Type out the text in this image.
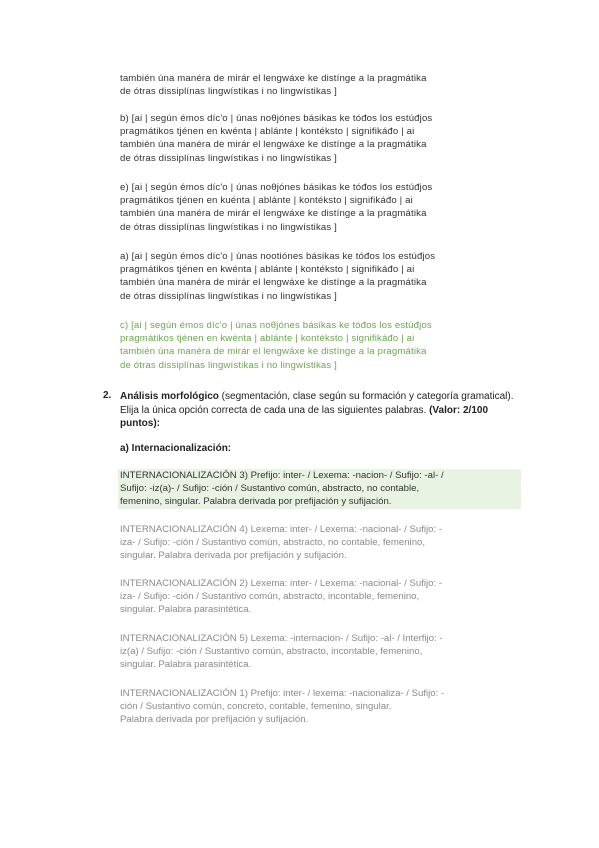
también úna manéra de mirár el lengwáxe ke distínge a la pragmátika
de ótras dissiplínas lingwístikas i no lingwístikas ]
b) [ai | según émos díc'o | únas noθjónes básikas ke tóđos los estúđjos
pragmátikos tjénen en kwénta | ablánte | kontéksto | signifikáđo | ai
también úna manéra de mirár el lengwáxe ke distínge a la pragmátika
de ótras dissiplínas lingwístikas i no lingwístikas ]
e) [ai | según émos díc'o | únas noθjónes básikas ke tóđos los estúđjos
pragmátikos tjénen en kuénta | ablánte | kontéksto | signifikáđo | ai
también úna manéra de mirár el lengwáxe ke distínge a la pragmátika
de ótras dissiplínas lingwístikas i no lingwístikas ]
a) [ai | según émos díc'o | únas nootiónes básikas ke tóđos los estúđjos
pragmátikos tjénen en kwénta | ablánte | kontéksto | signifikáđo | ai
también úna manéra de mirár el lengwáxe ke distínge a la pragmátika
de ótras dissiplínas lingwístikas i no lingwístikas ]
c) [ai | según émos díc'o | únas noθjónes básikas ke tóđos los estúđjos
pragmátikos tjénen en kwénta | ablánte | kontéksto | signifikáđo | ai
también úna manéra de mirár el lengwáxe ke distínge a la pragmátika
de ótras dissiplínas lingwístikas i no lingwístikas ]
2. Análisis morfológico (segmentación, clase según su formación y categoría gramatical). Elija la única opción correcta de cada una de las siguientes palabras. (Valor: 2/100 puntos):
a) Internacionalización:
INTERNACIONALIZACIÓN 3) Prefijo: inter- / Lexema: -nacion- / Sufijo: -al- /
Sufijo: -iz(a)- / Sufijo: -ción / Sustantivo común, abstracto, no contable,
femenino, singular. Palabra derivada por prefijación y sufijación.
INTERNACIONALIZACIÓN 4) Lexema: inter- / Lexema: -nacional- / Sufijo: -
iza- / Sufijo: -ción / Sustantivo común, abstracto, no contable, femenino,
singular. Palabra derivada por prefijación y sufijación.
INTERNACIONALIZACIÓN 2) Lexema: inter- / Lexema: -nacional- / Sufijo: -
iza- / Sufijo: -ción / Sustantivo común, abstracto, incontable, femenino,
singular. Palabra parasintética.
INTERNACIONALIZACIÓN 5) Lexema: -internacion- / Sufijo: -al- / Interfijo: -
iz(a) / Sufijo: -ción / Sustantivo común, abstracto, incontable, femenino,
singular. Palabra parasintética.
INTERNACIONALIZACIÓN 1) Prefijo: inter- / lexema: -nacionaliza- / Sufijo: -
ción / Sustantivo común, concreto, contable, femenino, singular.
Palabra derivada por prefijación y sufijación.
